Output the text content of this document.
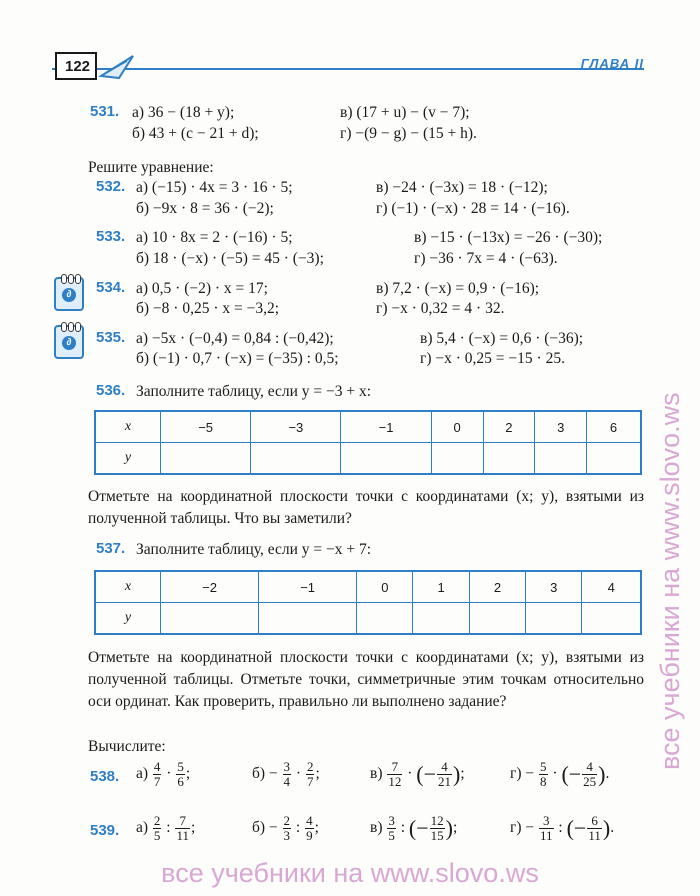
122	ГЛАВА II
531. а) 36 − (18 + y);
б) 43 + (c − 21 + d);
в) (17 + u) − (v − 7);
г) −(9 − g) − (15 + h).
Решите уравнение:
532. а) (−15) · 4x = 3 · 16 · 5;
б) −9x · 8 = 36 · (−2);
в) −24 · (−3x) = 18 · (−12);
г) (−1) · (−x) · 28 = 14 · (−16).
533. а) 10 · 8x = 2 · (−16) · 5;
б) 18 · (−x) · (−5) = 45 · (−3);
в) −15 · (−13x) = −26 · (−30);
г) −36 · 7x = 4 · (−63).
∂	534. а) 0,5 · (−2) · x = 17;
б) −8 · 0,25 · x = −3,2;
в) 7,2 · (−x) = 0,9 · (−16);
г) −x · 0,32 = 4 · 32.
∂	535. а) −5x · (−0,4) = 0,84 : (−0,42);
б) (−1) · 0,7 · (−x) = (−35) : 0,5;
в) 5,4 · (−x) = 0,6 · (−36);
г) −x · 0,25 = −15 · 25.
536. Заполните таблицу, если y = −3 + x:
x	−5	−3	−1	0	2	3	6
y							
Отметьте на координатной плоскости точки с координатами (x; y), взятыми из полученной таблицы. Что вы заметили?
537. Заполните таблицу, если y = −x + 7:
x	−2	−1	0	1	2	3	4
y							
Отметьте на координатной плоскости точки с координатами (x; y), взятыми из полученной таблицы. Отметьте точки, симметричные этим точкам относительно оси ординат. Как проверить, правильно ли выполнено задание?
Вычислите:
538. $а) \frac{4}{7} \cdot \frac{5}{6}$ ;	$б) - \frac{3}{4} \cdot \frac{2}{7}$ ;	$в) \frac{7}{12}$ · (− $\frac{4}{21}$ );	$г) - \frac{5}{8}$ · (− $\frac{4}{25}$ ).
539. $а) \frac{2}{5}$ : $\frac{7}{11}$ ;	$б) - \frac{2}{3}$ : $\frac{4}{9}$ ;	$в) \frac{3}{5}$ : (− $\frac{12}{15}$ );	$г) - \frac{3}{11}$ : (− $\frac{6}{11}$ ).
все учебники на www.slovo.ws
все учебники на www.slovo.ws
